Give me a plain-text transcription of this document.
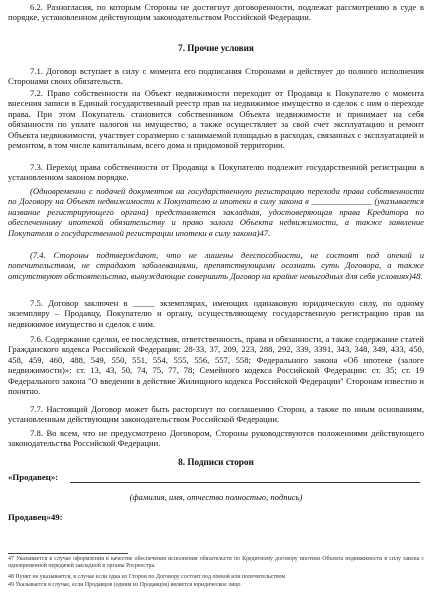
6.2. Разногласия, по которым Стороны не достигнут договоренности, подлежат рассмотрению в суде в порядке, установленном действующим законодательством Российской Федерации.

7. Прочие условия

7.1. Договор вступает в силу с момента его подписания Сторонами и действует до полного исполнения Сторонами своих обязательств.

7.2. Право собственности на Объект недвижимости переходит от Продавца к Покупателю с момента внесения записи в Единый государственный реестр прав на недвижимое имущество и сделок с ним о переходе права. При этом Покупатель становится собственником Объекта недвижимости и принимает на себя обязанности по уплате налогов на имущество, а также осуществляет за свой счет эксплуатацию и ремонт Объекта недвижимости, участвует соразмерно с занимаемой площадью в расходах, связанных с эксплуатацией и ремонтом, в том числе капитальным, всего дома и придомовой территории.

7.3. Переход права собственности от Продавца к Покупателю подлежит государственной регистрации в установленном законом порядке.

(Одновременно с подачей документов на государственную регистрацию перехода права собственности по Договору на Объект недвижимости к Покупателю и ипотеки в силу закона в ______________ (указывается название регистрирующего органа) представляется закладная, удостоверяющая права Кредитора по обеспеченному ипотекой обязательству и право залога Объекта недвижимости, а также заявление Покупателя о государственной регистрации ипотеки в силу закона)47.

(7.4. Стороны подтверждают, что не лишены дееспособности, не состоят под опекой и попечительством, не страдают заболеваниями, препятствующими осознать суть Договора, а также отсутствуют обстоятельства, вынуждающие совершить Договор на крайне невыгодных для себя условиях)48.

7.5. Договор заключен в _____ экземплярах, имеющих одинаковую юридическую силу, по одному экземпляру – Продавцу, Покупателю и органу, осуществляющему государственную регистрацию прав на недвижимое имущество и сделок с ним.

7.6. Содержание сделки, ее последствия, ответственность, права и обязанности, а также содержание статей Гражданского кодекса Российской Федерации: 28-33, 37, 209, 223, 288, 292, 339, 3391, 343, 348, 349, 433, 450, 458, 459, 460, 488, 549, 550, 551, 554, 555, 556, 557, 558; Федерального закона «Об ипотеке (залоге недвижимости)»: ст. 13, 43, 50, 74, 75, 77, 78; Семейного кодекса Российской Федерации: ст. 35; ст. 19 Федерального закона "О введении в действие Жилищного кодекса Российской Федерации" Сторонам известно и понятно.

7.7. Настоящий Договор может быть расторгнут по соглашению Сторон, а также по иным основаниям, установленным действующим законодательством Российской Федерации.

7.8. Во всем, что не предусмотрено Договором, Стороны руководствуются положениями действующего законодательства Российской Федерации.

8. Подписи сторон

«Продавец»:

(фамилия, имя, отчество полностью, подпись)

Продавец»49:

47 Указывается в случае оформления в качестве обеспечения исполнения обязательств по Кредитному договору ипотеки Объекта недвижимости в силу закона с одновременной передачей закладной в органы Росреестра.

48 Пункт не указывается, в случае если одна из Сторон по Договору состоит под опекой или попечительством

49 Указывается в случае, если Продавцов (одним из Продавцов) является юридическое лицо
